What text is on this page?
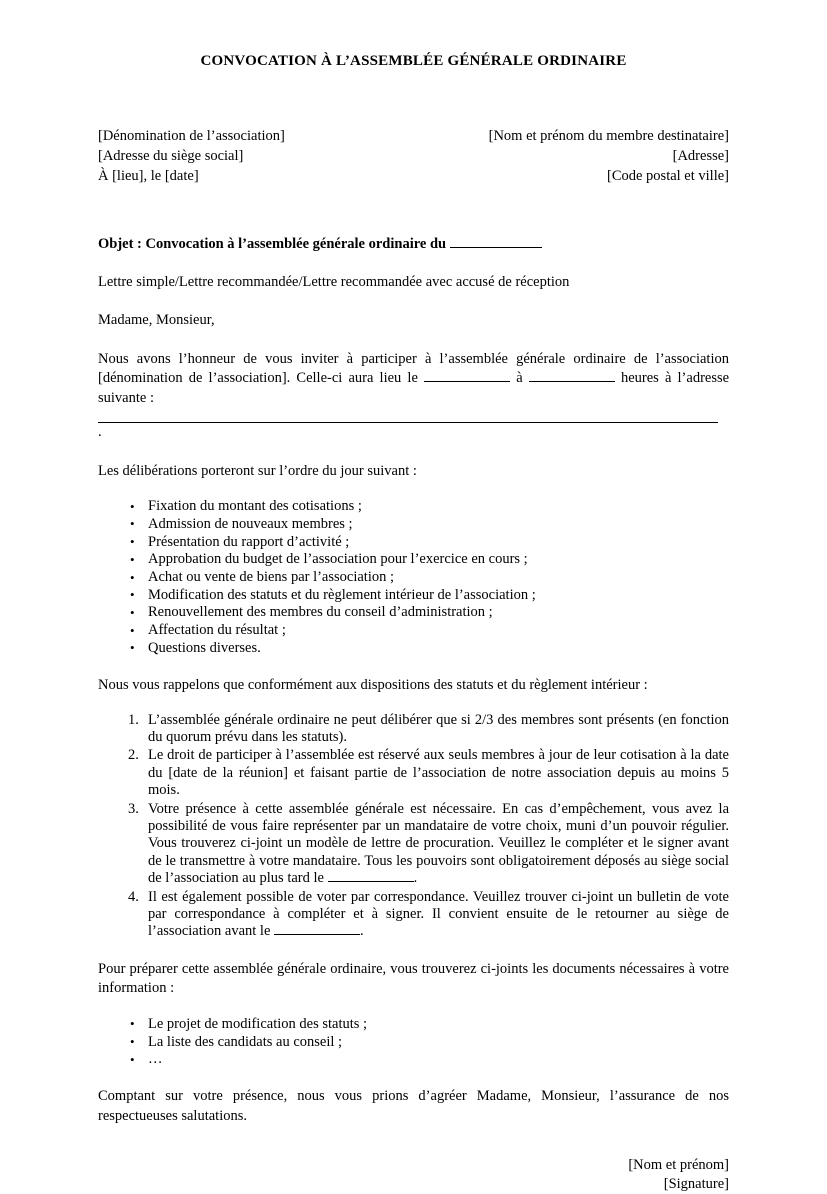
CONVOCATION À L’ASSEMBLÉE GÉNÉRALE ORDINAIRE
[Dénomination de l’association]
[Adresse du siège social]
À [lieu], le [date]
[Nom et prénom du membre destinataire]
[Adresse]
[Code postal et ville]
Objet : Convocation à l’assemblée générale ordinaire du
Lettre simple/Lettre recommandée/Lettre recommandée avec accusé de réception
Madame, Monsieur,
Nous avons l’honneur de vous inviter à participer à l’assemblée générale ordinaire de l’association [dénomination de l’association]. Celle-ci aura lieu le	à	heures à l’adresse suivante :
.
Les délibérations porteront sur l’ordre du jour suivant :
• Fixation du montant des cotisations ;
• Admission de nouveaux membres ;
• Présentation du rapport d’activité ;
• Approbation du budget de l’association pour l’exercice en cours ;
• Achat ou vente de biens par l’association ;
• Modification des statuts et du règlement intérieur de l’association ;
• Renouvellement des membres du conseil d’administration ;
• Affectation du résultat ;
• Questions diverses.
Nous vous rappelons que conformément aux dispositions des statuts et du règlement intérieur :
L’assemblée générale ordinaire ne peut délibérer que si 2/3 des membres sont présents (en fonction du quorum prévu dans les statuts).
Le droit de participer à l’assemblée est réservé aux seuls membres à jour de leur cotisation à la date du [date de la réunion] et faisant partie de l’association de notre association depuis au moins 5 mois.
Votre présence à cette assemblée générale est nécessaire. En cas d’empêchement, vous avez la possibilité de vous faire représenter par un mandataire de votre choix, muni d’un pouvoir régulier. Vous trouverez ci-joint un modèle de lettre de procuration. Veuillez le compléter et le signer avant de le transmettre à votre mandataire. Tous les pouvoirs sont obligatoirement déposés au siège social de l’association au plus tard le	.
Il est également possible de voter par correspondance. Veuillez trouver ci-joint un bulletin de vote par correspondance à compléter et à signer. Il convient ensuite de le retourner au siège de l’association avant le	.
Pour préparer cette assemblée générale ordinaire, vous trouverez ci-joints les documents nécessaires à votre information :
• Le projet de modification des statuts ;
• La liste des candidats au conseil ;
• …
Comptant sur votre présence, nous vous prions d’agréer Madame, Monsieur, l’assurance de nos respectueuses salutations.
[Nom et prénom]
[Signature]
